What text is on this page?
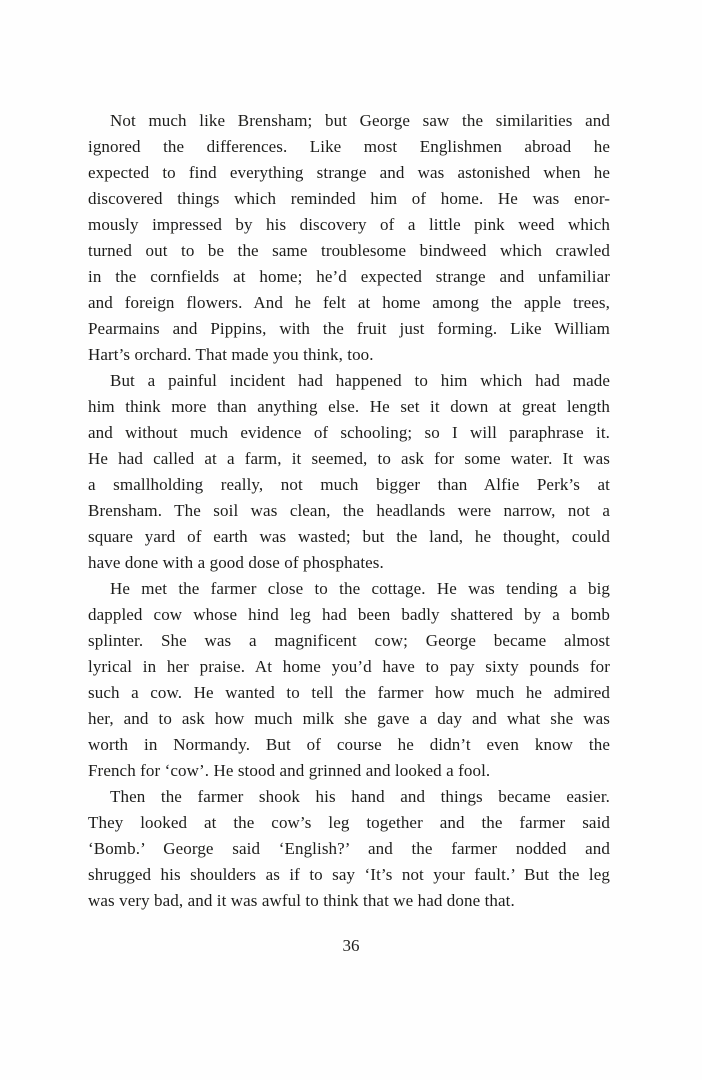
Not much like Brensham; but George saw the similarities and
ignored the differences. Like most Englishmen abroad he
expected to find everything strange and was astonished when he
discovered things which reminded him of home. He was enor-
mously impressed by his discovery of a little pink weed which
turned out to be the same troublesome bindweed which crawled
in the cornfields at home; he’d expected strange and unfamiliar
and foreign flowers. And he felt at home among the apple trees,
Pearmains and Pippins, with the fruit just forming. Like William
Hart’s orchard. That made you think, too.
But a painful incident had happened to him which had made
him think more than anything else. He set it down at great length
and without much evidence of schooling; so I will paraphrase it.
He had called at a farm, it seemed, to ask for some water. It was
a smallholding really, not much bigger than Alfie Perk’s at
Brensham. The soil was clean, the headlands were narrow, not a
square yard of earth was wasted; but the land, he thought, could
have done with a good dose of phosphates.
He met the farmer close to the cottage. He was tending a big
dappled cow whose hind leg had been badly shattered by a bomb
splinter. She was a magnificent cow; George became almost
lyrical in her praise. At home you’d have to pay sixty pounds for
such a cow. He wanted to tell the farmer how much he admired
her, and to ask how much milk she gave a day and what she was
worth in Normandy. But of course he didn’t even know the
French for ‘cow’. He stood and grinned and looked a fool.
Then the farmer shook his hand and things became easier.
They looked at the cow’s leg together and the farmer said
‘Bomb.’ George said ‘English?’ and the farmer nodded and
shrugged his shoulders as if to say ‘It’s not your fault.’ But the leg
was very bad, and it was awful to think that we had done that.
36
